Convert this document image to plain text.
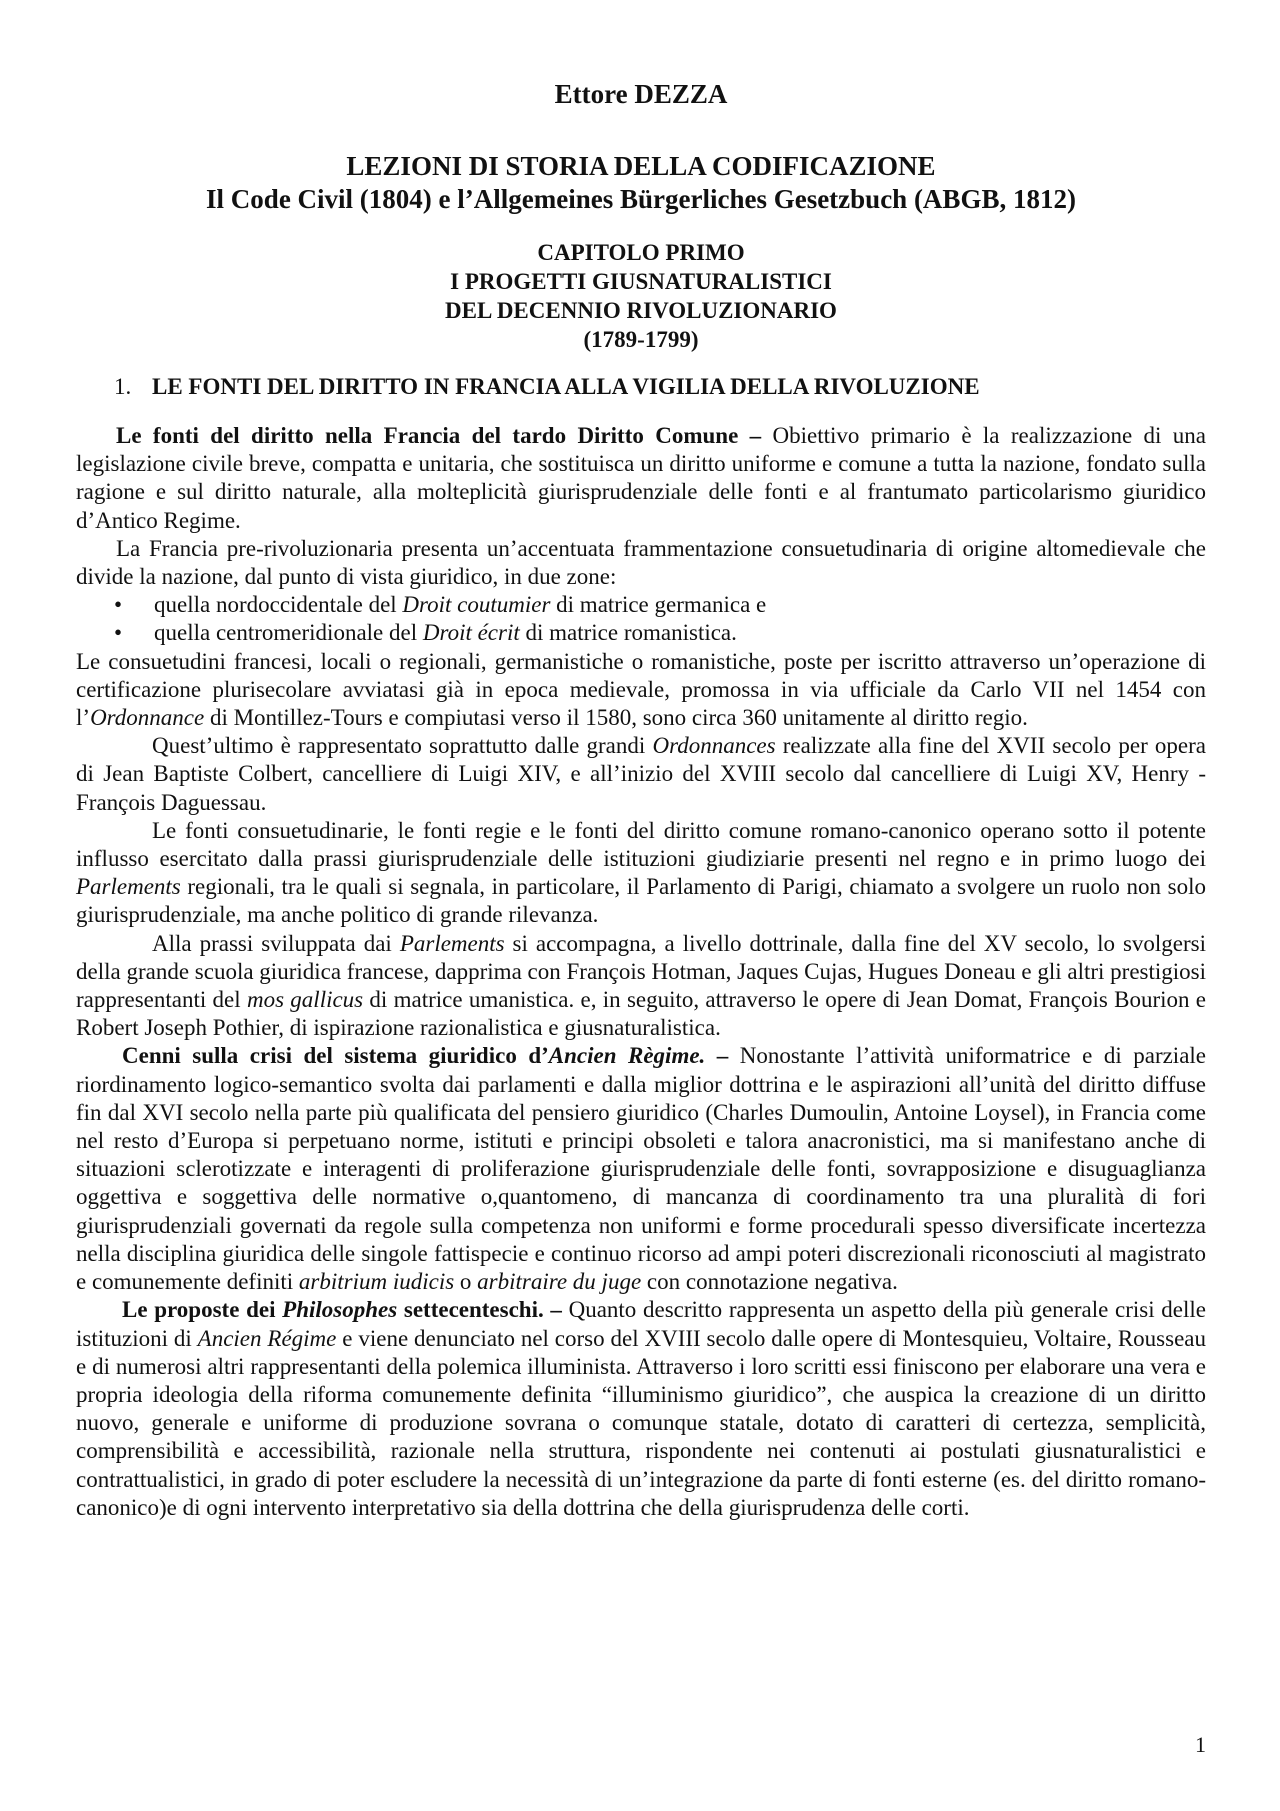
Ettore DEZZA
LEZIONI DI STORIA DELLA CODIFICAZIONE
Il Code Civil (1804) e l’Allgemeines Bürgerliches Gesetzbuch (ABGB, 1812)
CAPITOLO PRIMO
I PROGETTI GIUSNATURALISTICI
DEL DECENNIO RIVOLUZIONARIO
(1789-1799)
1. LE FONTI DEL DIRITTO IN FRANCIA ALLA VIGILIA DELLA RIVOLUZIONE

Le fonti del diritto nella Francia del tardo Diritto Comune – Obiettivo primario è la realizzazione di una legislazione civile breve, compatta e unitaria, che sostituisca un diritto uniforme e comune a tutta la nazione, fondato sulla ragione e sul diritto naturale, alla molteplicità giurisprudenziale delle fonti e al frantumato particolarismo giuridico d’Antico Regime.

La Francia pre-rivoluzionaria presenta un’accentuata frammentazione consuetudinaria di origine altomedievale che divide la nazione, dal punto di vista giuridico, in due zone:

• quella nordoccidentale del Droit coutumier di matrice germanica e
• quella centromeridionale del Droit écrit di matrice romanistica.

Le consuetudini francesi, locali o regionali, germanistiche o romanistiche, poste per iscritto attraverso un’operazione di certificazione plurisecolare avviatasi già in epoca medievale, promossa in via ufficiale da Carlo VII nel 1454 con l’Ordonnance di Montillez-Tours e compiutasi verso il 1580, sono circa 360 unitamente al diritto regio.

Quest’ultimo è rappresentato soprattutto dalle grandi Ordonnances realizzate alla fine del XVII secolo per opera di Jean Baptiste Colbert, cancelliere di Luigi XIV, e all’inizio del XVIII secolo dal cancelliere di Luigi XV, Henry - François Daguessau.

Le fonti consuetudinarie, le fonti regie e le fonti del diritto comune romano-canonico operano sotto il potente influsso esercitato dalla prassi giurisprudenziale delle istituzioni giudiziarie presenti nel regno e in primo luogo dei Parlements regionali, tra le quali si segnala, in particolare, il Parlamento di Parigi, chiamato a svolgere un ruolo non solo giurisprudenziale, ma anche politico di grande rilevanza.

Alla prassi sviluppata dai Parlements si accompagna, a livello dottrinale, dalla fine del XV secolo, lo svolgersi della grande scuola giuridica francese, dapprima con François Hotman, Jaques Cujas, Hugues Doneau e gli altri prestigiosi rappresentanti del mos gallicus di matrice umanistica. e, in seguito, attraverso le opere di Jean Domat, François Bourion e Robert Joseph Pothier, di ispirazione razionalistica e giusnaturalistica.

Cenni sulla crisi del sistema giuridico d’Ancien Règime. – Nonostante l’attività uniformatrice e di parziale riordinamento logico-semantico svolta dai parlamenti e dalla miglior dottrina e le aspirazioni all’unità del diritto diffuse fin dal XVI secolo nella parte più qualificata del pensiero giuridico (Charles Dumoulin, Antoine Loysel), in Francia come nel resto d’Europa si perpetuano norme, istituti e principi obsoleti e talora anacronistici, ma si manifestano anche di situazioni sclerotizzate e interagenti di proliferazione giurisprudenziale delle fonti, sovrapposizione e disuguaglianza oggettiva e soggettiva delle normative o,quantomeno, di mancanza di coordinamento tra una pluralità di fori giurisprudenziali governati da regole sulla competenza non uniformi e forme procedurali spesso diversificate incertezza nella disciplina giuridica delle singole fattispecie e continuo ricorso ad ampi poteri discrezionali riconosciuti al magistrato e comunemente definiti arbitrium iudicis o arbitraire du juge con connotazione negativa.

Le proposte dei Philosophes settecenteschi. – Quanto descritto rappresenta un aspetto della più generale crisi delle istituzioni di Ancien Régime e viene denunciato nel corso del XVIII secolo dalle opere di Montesquieu, Voltaire, Rousseau e di numerosi altri rappresentanti della polemica illuminista. Attraverso i loro scritti essi finiscono per elaborare una vera e propria ideologia della riforma comunemente definita “illuminismo giuridico”, che auspica la creazione di un diritto nuovo, generale e uniforme di produzione sovrana o comunque statale, dotato di caratteri di certezza, semplicità, comprensibilità e accessibilità, razionale nella struttura, rispondente nei contenuti ai postulati giusnaturalistici e contrattualistici, in grado di poter escludere la necessità di un’integrazione da parte di fonti esterne (es. del diritto romano-canonico)e di ogni intervento interpretativo sia della dottrina che della giurisprudenza delle corti.

1
